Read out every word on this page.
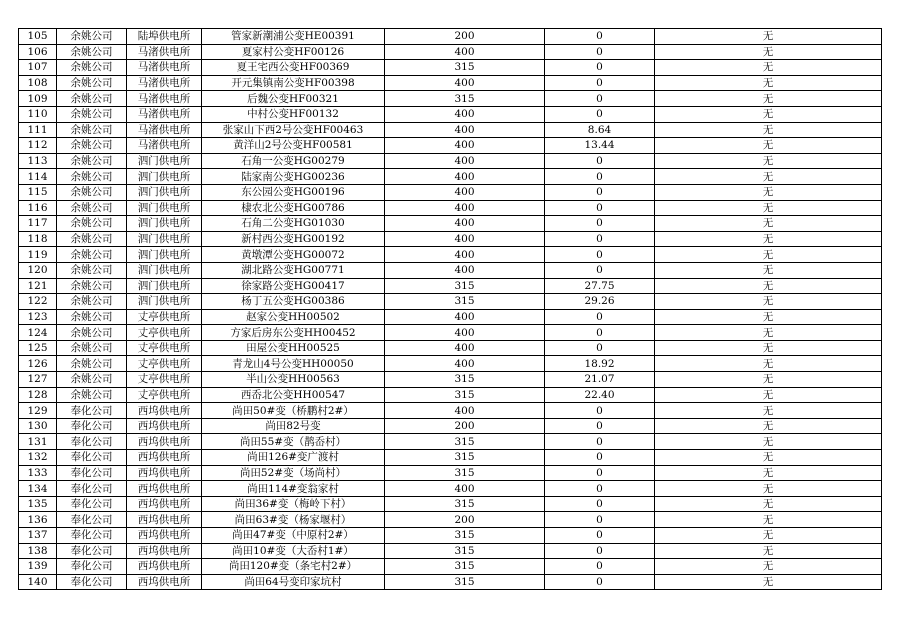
105	余姚公司	陆埠供电所	管家新潮浦公变HE00391	200	0	无
106	余姚公司	马渚供电所	夏家村公变HF00126	400	0	无
107	余姚公司	马渚供电所	夏王宅西公变HF00369	315	0	无
108	余姚公司	马渚供电所	开元集镇南公变HF00398	400	0	无
109	余姚公司	马渚供电所	后魏公变HF00321	315	0	无
110	余姚公司	马渚供电所	中村公变HF00132	400	0	无
111	余姚公司	马渚供电所	张家山下西2号公变HF00463	400	8.64	无
112	余姚公司	马渚供电所	黄洋山2号公变HF00581	400	13.44	无
113	余姚公司	泗门供电所	石角一公变HG00279	400	0	无
114	余姚公司	泗门供电所	陆家南公变HG00236	400	0	无
115	余姚公司	泗门供电所	东公园公变HG00196	400	0	无
116	余姚公司	泗门供电所	棣农北公变HG00786	400	0	无
117	余姚公司	泗门供电所	石角二公变HG01030	400	0	无
118	余姚公司	泗门供电所	新村西公变HG00192	400	0	无
119	余姚公司	泗门供电所	黄墩潭公变HG00072	400	0	无
120	余姚公司	泗门供电所	湖北路公变HG00771	400	0	无
121	余姚公司	泗门供电所	徐家路公变HG00417	315	27.75	无
122	余姚公司	泗门供电所	杨丁五公变HG00386	315	29.26	无
123	余姚公司	丈亭供电所	赵家公变HH00502	400	0	无
124	余姚公司	丈亭供电所	方家后房东公变HH00452	400	0	无
125	余姚公司	丈亭供电所	田屋公变HH00525	400	0	无
126	余姚公司	丈亭供电所	青龙山4号公变HH00050	400	18.92	无
127	余姚公司	丈亭供电所	半山公变HH00563	315	21.07	无
128	余姚公司	丈亭供电所	西岙北公变HH00547	315	22.40	无
129	奉化公司	西坞供电所	尚田50#变（桥鹏村2#）	400	0	无
130	奉化公司	西坞供电所	尚田82号变	200	0	无
131	奉化公司	西坞供电所	尚田55#变（鹊岙村）	315	0	无
132	奉化公司	西坞供电所	尚田126#变广渡村	315	0	无
133	奉化公司	西坞供电所	尚田52#变（场尚村）	315	0	无
134	奉化公司	西坞供电所	尚田114#变翁家村	400	0	无
135	奉化公司	西坞供电所	尚田36#变（梅岭下村）	315	0	无
136	奉化公司	西坞供电所	尚田63#变（杨家堰村）	200	0	无
137	奉化公司	西坞供电所	尚田47#变（中原村2#）	315	0	无
138	奉化公司	西坞供电所	尚田10#变（大岙村1#）	315	0	无
139	奉化公司	西坞供电所	尚田120#变（条宅村2#）	315	0	无
140	奉化公司	西坞供电所	尚田64号变印家坑村	315	0	无
